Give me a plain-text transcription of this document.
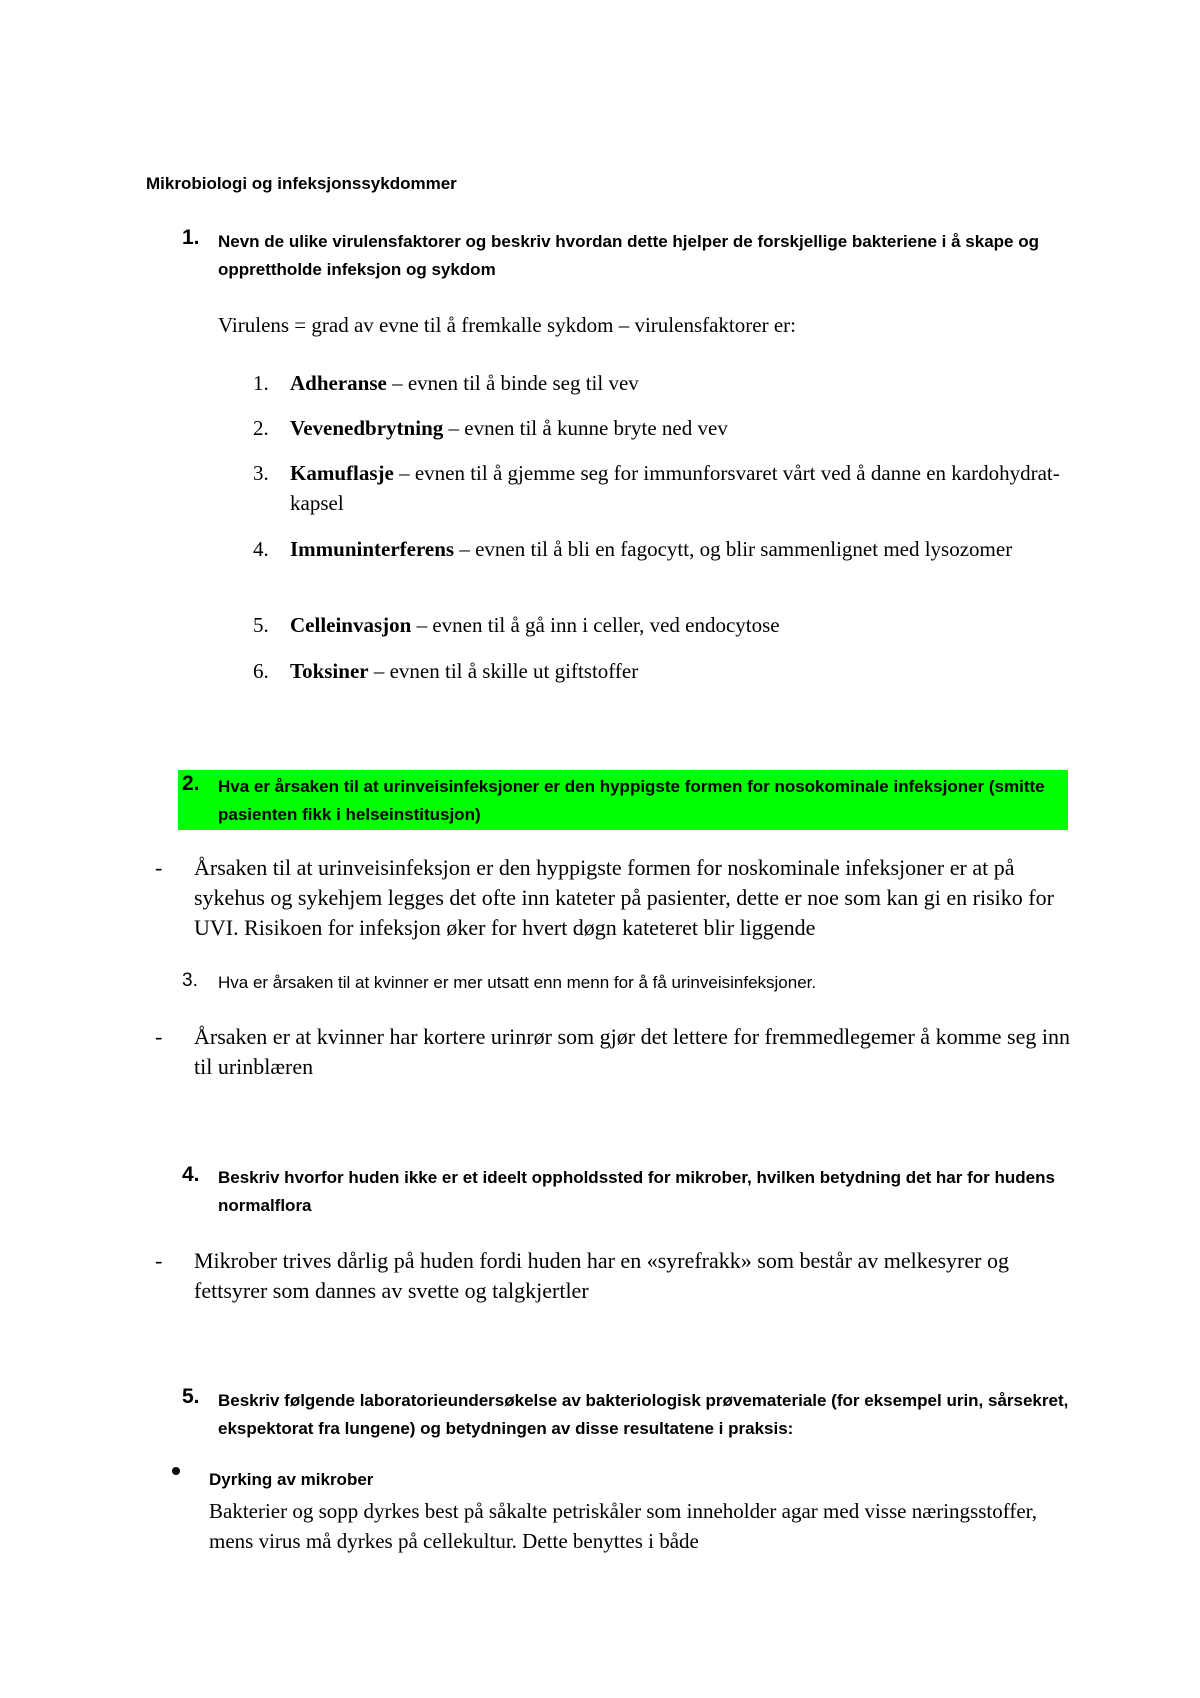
Mikrobiologi og infeksjonssykdommer
1. Nevn de ulike virulensfaktorer og beskriv hvordan dette hjelper de forskjellige bakteriene i å skape og opprettholde infeksjon og sykdom
Virulens = grad av evne til å fremkalle sykdom – virulensfaktorer er:
1. Adheranse – evnen til å binde seg til vev
2. Vevenedbrytning – evnen til å kunne bryte ned vev
3. Kamuflasje – evnen til å gjemme seg for immunforsvaret vårt ved å danne en kardohydrat-kapsel
4. Immuninterferens – evnen til å bli en fagocytt, og blir sammenlignet med lysozomer
5. Celleinvasjon – evnen til å gå inn i celler, ved endocytose
6. Toksiner – evnen til å skille ut giftstoffer
2. Hva er årsaken til at urinveisinfeksjoner er den hyppigste formen for nosokominale infeksjoner (smitte pasienten fikk i helseinstitusjon)
- Årsaken til at urinveisinfeksjon er den hyppigste formen for noskominale infeksjoner er at på sykehus og sykehjem legges det ofte inn kateter på pasienter, dette er noe som kan gi en risiko for UVI. Risikoen for infeksjon øker for hvert døgn kateteret blir liggende
3. Hva er årsaken til at kvinner er mer utsatt enn menn for å få urinveisinfeksjoner.
- Årsaken er at kvinner har kortere urinrør som gjør det lettere for fremmedlegemer å komme seg inn til urinblæren
4. Beskriv hvorfor huden ikke er et ideelt oppholdssted for mikrober, hvilken betydning det har for hudens normalflora
- Mikrober trives dårlig på huden fordi huden har en «syrefrakk» som består av melkesyrer og fettsyrer som dannes av svette og talgkjertler
5. Beskriv følgende laboratorieundersøkelse av bakteriologisk prøvemateriale (for eksempel urin, sårsekret, ekspektorat fra lungene) og betydningen av disse resultatene i praksis:
Dyrking av mikrober
Bakterier og sopp dyrkes best på såkalte petriskåler som inneholder agar med visse næringsstoffer, mens virus må dyrkes på cellekultur. Dette benyttes i både
